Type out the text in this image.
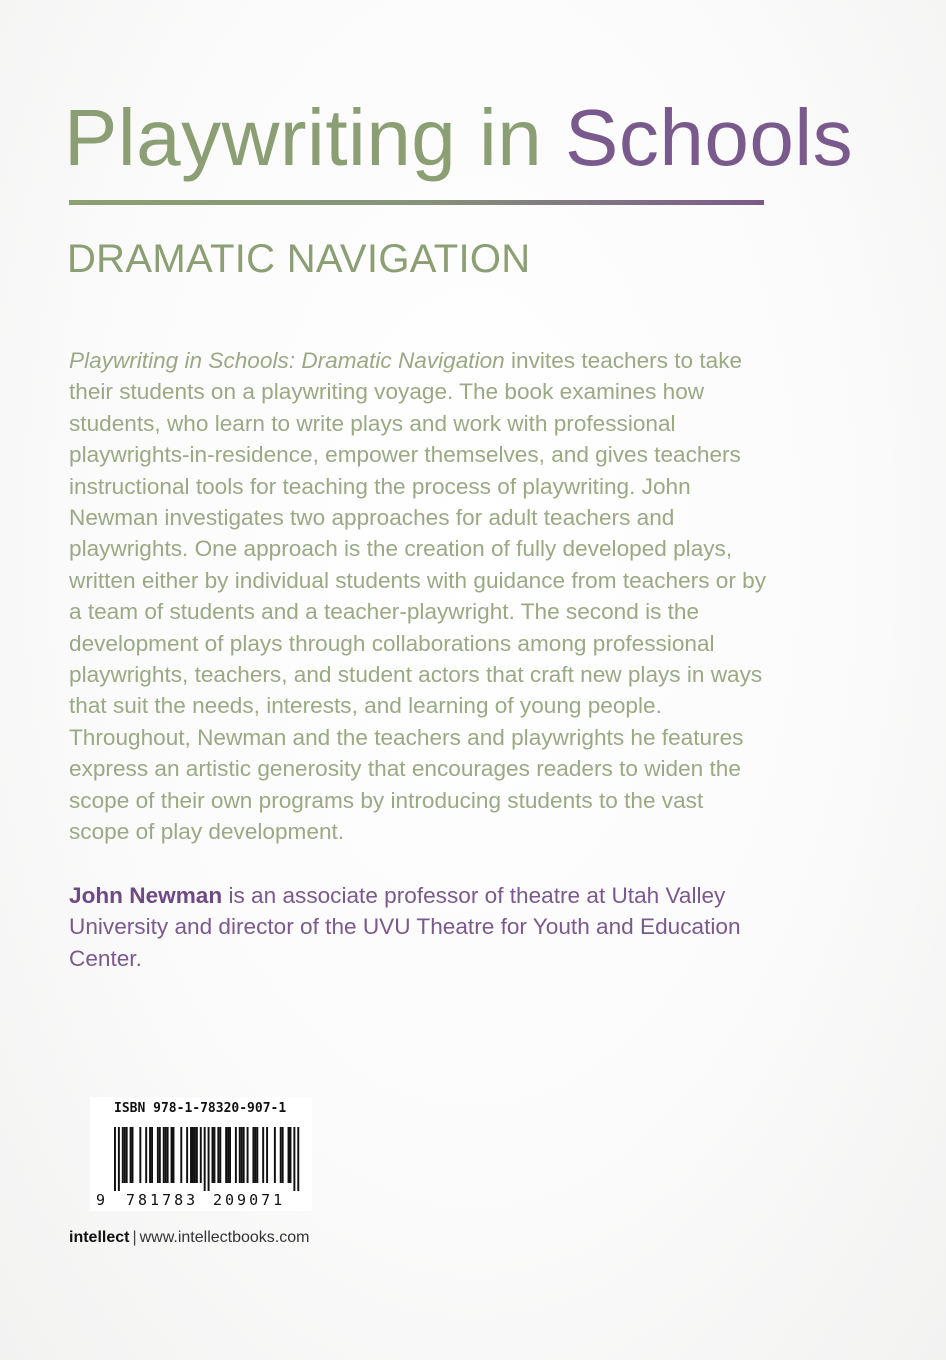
Playwriting in Schools
DRAMATIC NAVIGATION

Playwriting in Schools: Dramatic Navigation invites teachers to take their students on a playwriting voyage. The book examines how students, who learn to write plays and work with professional playwrights-in-residence, empower themselves, and gives teachers instructional tools for teaching the process of playwriting. John Newman investigates two approaches for adult teachers and playwrights. One approach is the creation of fully developed plays, written either by individual students with guidance from teachers or by a team of students and a teacher-playwright. The second is the development of plays through collaborations among professional playwrights, teachers, and student actors that craft new plays in ways that suit the needs, interests, and learning of young people. Throughout, Newman and the teachers and playwrights he features express an artistic generosity that encourages readers to widen the scope of their own programs by introducing students to the vast scope of play development.

John Newman is an associate professor of theatre at Utah Valley University and director of the UVU Theatre for Youth and Education Center.

9 781783 209071
ISBN 978-1-78320-907-1

intellect | www.intellectbooks.com
